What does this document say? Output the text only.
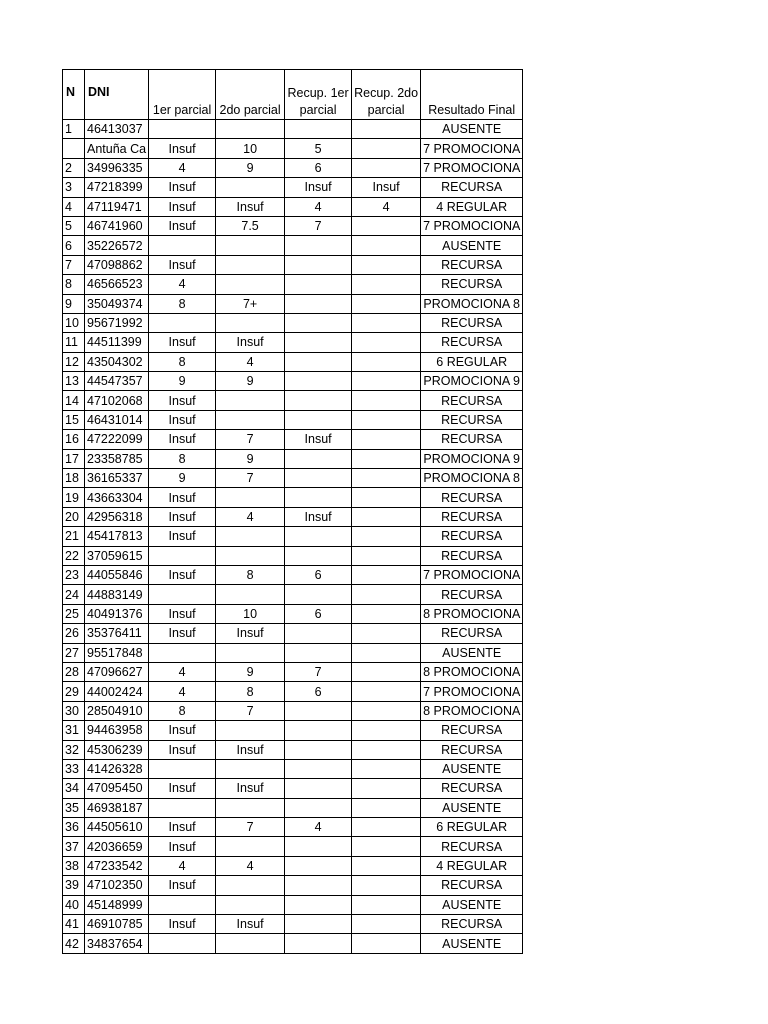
N	DNI	1er parcial	2do parcial	Recup. 1er parcial	Recup. 2do parcial	Resultado Final
1	46413037					AUSENTE
	Antuña Ca	Insuf	10	5		7 PROMOCIONA
2	34996335	4	9	6		7 PROMOCIONA
3	47218399	Insuf		Insuf	Insuf	RECURSA
4	47119471	Insuf	Insuf	4	4	4 REGULAR
5	46741960	Insuf	7.5	7		7 PROMOCIONA
6	35226572					AUSENTE
7	47098862	Insuf				RECURSA
8	46566523	4				RECURSA
9	35049374	8	7+			PROMOCIONA 8
10	95671992					RECURSA
11	44511399	Insuf	Insuf			RECURSA
12	43504302	8	4			6 REGULAR
13	44547357	9	9			PROMOCIONA 9
14	47102068	Insuf				RECURSA
15	46431014	Insuf				RECURSA
16	47222099	Insuf	7	Insuf		RECURSA
17	23358785	8	9			PROMOCIONA 9
18	36165337	9	7			PROMOCIONA 8
19	43663304	Insuf				RECURSA
20	42956318	Insuf	4	Insuf		RECURSA
21	45417813	Insuf				RECURSA
22	37059615					RECURSA
23	44055846	Insuf	8	6		7 PROMOCIONA
24	44883149					RECURSA
25	40491376	Insuf	10	6		8 PROMOCIONA
26	35376411	Insuf	Insuf			RECURSA
27	95517848					AUSENTE
28	47096627	4	9	7		8 PROMOCIONA
29	44002424	4	8	6		7 PROMOCIONA
30	28504910	8	7			8 PROMOCIONA
31	94463958	Insuf				RECURSA
32	45306239	Insuf	Insuf			RECURSA
33	41426328					AUSENTE
34	47095450	Insuf	Insuf			RECURSA
35	46938187					AUSENTE
36	44505610	Insuf	7	4		6 REGULAR
37	42036659	Insuf				RECURSA
38	47233542	4	4			4 REGULAR
39	47102350	Insuf				RECURSA
40	45148999					AUSENTE
41	46910785	Insuf	Insuf			RECURSA
42	34837654					AUSENTE
